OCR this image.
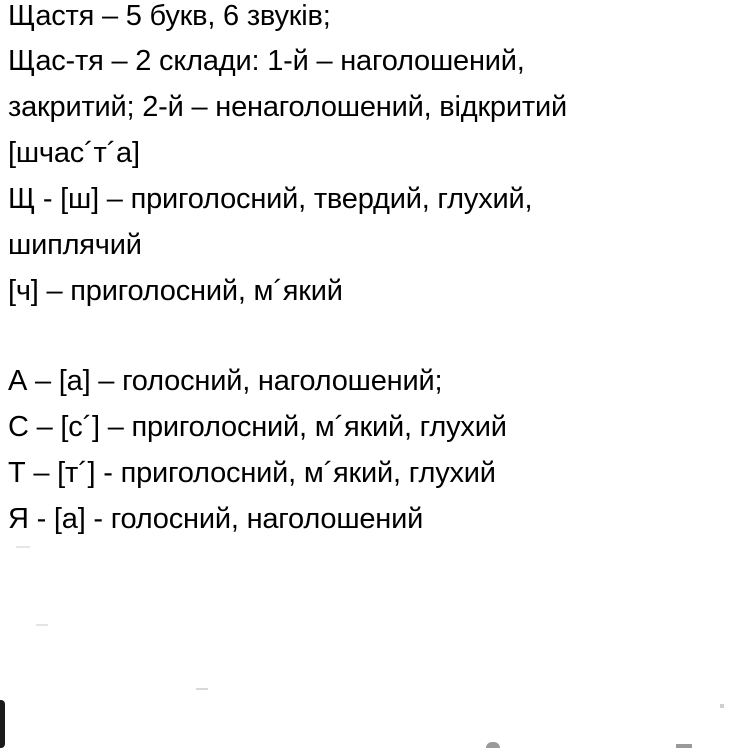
Щастя – 5 букв, 6 звуків;
Щас-тя – 2 склади: 1-й – наголошений,
закритий; 2-й – ненаголошений, відкритий
[шчас´т´а]
Щ - [ш] – приголосний, твердий, глухий,
шиплячий
[ч] – приголосний, м´який
А – [а] – голосний, наголошений;
С – [с´] – приголосний, м´який, глухий
Т – [т´] - приголосний, м´який, глухий
Я - [а] - голосний, наголошений
